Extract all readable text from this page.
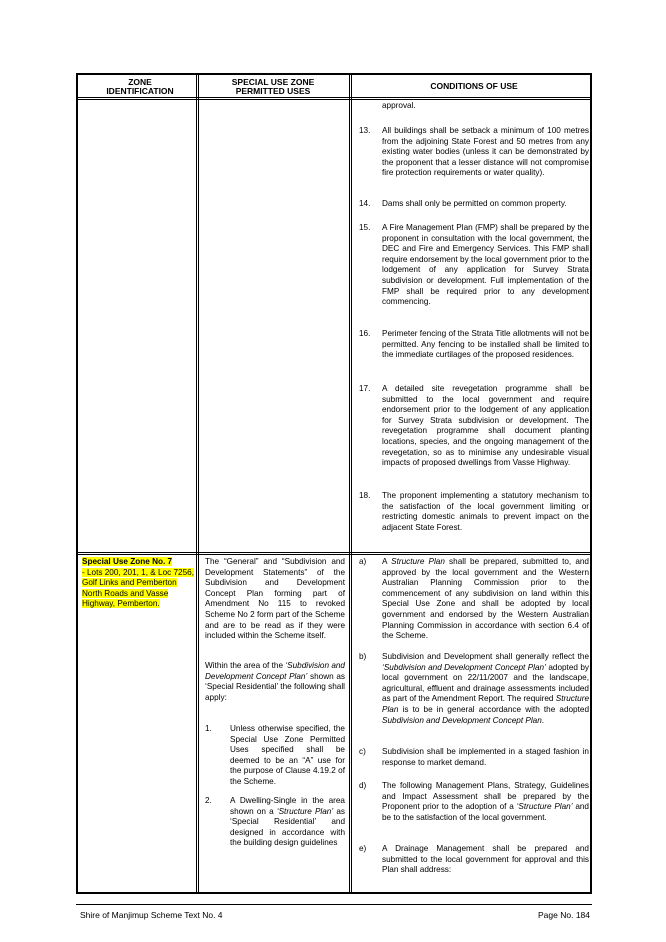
ZONE IDENTIFICATION
SPECIAL USE ZONE PERMITTED USES	CONDITIONS OF USE
approval.
13. All buildings shall be setback a minimum of 100 metres from the adjoining State Forest and 50 metres from any existing water bodies (unless it can be demonstrated by the proponent that a lesser distance will not compromise fire protection requirements or water quality).
14. Dams shall only be permitted on common property.
15. A Fire Management Plan (FMP) shall be prepared by the proponent in consultation with the local government, the DEC and Fire and Emergency Services. This FMP shall require endorsement by the local government prior to the lodgement of any application for Survey Strata subdivision or development. Full implementation of the FMP shall be required prior to any development commencing.
16. Perimeter fencing of the Strata Title allotments will not be permitted. Any fencing to be installed shall be limited to the immediate curtilages of the proposed residences.
17. A detailed site revegetation programme shall be submitted to the local government and require endorsement prior to the lodgement of any application for Survey Strata subdivision or development. The revegetation programme shall document planting locations, species, and the ongoing management of the revegetation, so as to minimise any undesirable visual impacts of proposed dwellings from Vasse Highway.
18. The proponent implementing a statutory mechanism to the satisfaction of the local government limiting or restricting domestic animals to prevent impact on the adjacent State Forest.
Special Use Zone No. 7
- Lots 200, 201, 1, & Loc 7256, Golf Links and Pemberton North Roads and Vasse Highway, Pemberton.
The “General” and “Subdivision and Development Statements” of the Subdivision and Development Concept Plan forming part of Amendment No 115 to revoked Scheme No 2 form part of the Scheme and are to be read as if they were included within the Scheme itself.
Within the area of the ‘Subdivision and Development Concept Plan’ shown as ‘Special Residential’ the following shall apply:
1. Unless otherwise specified, the Special Use Zone Permitted Uses specified shall be deemed to be an “A” use for the purpose of Clause 4.19.2 of the Scheme.
2. A Dwelling-Single in the area shown on a ‘Structure Plan’ as ‘Special Residential’ and designed in accordance with the building design guidelines
a) A Structure Plan shall be prepared, submitted to, and approved by the local government and the Western Australian Planning Commission prior to the commencement of any subdivision on land within this Special Use Zone and shall be adopted by local government and endorsed by the Western Australian Planning Commission in accordance with section 6.4 of the Scheme.
b) Subdivision and Development shall generally reflect the ‘Subdivision and Development Concept Plan’ adopted by local government on 22/11/2007 and the landscape, agricultural, effluent and drainage assessments included as part of the Amendment Report. The required Structure Plan is to be in general accordance with the adopted Subdivision and Development Concept Plan.
c) Subdivision shall be implemented in a staged fashion in response to market demand.
d) The following Management Plans, Strategy, Guidelines and Impact Assessment shall be prepared by the Proponent prior to the adoption of a ‘Structure Plan’ and be to the satisfaction of the local government.
e) A Drainage Management shall be prepared and submitted to the local government for approval and this Plan shall address:
Shire of Manjimup Scheme Text No. 4	Page No. 184
